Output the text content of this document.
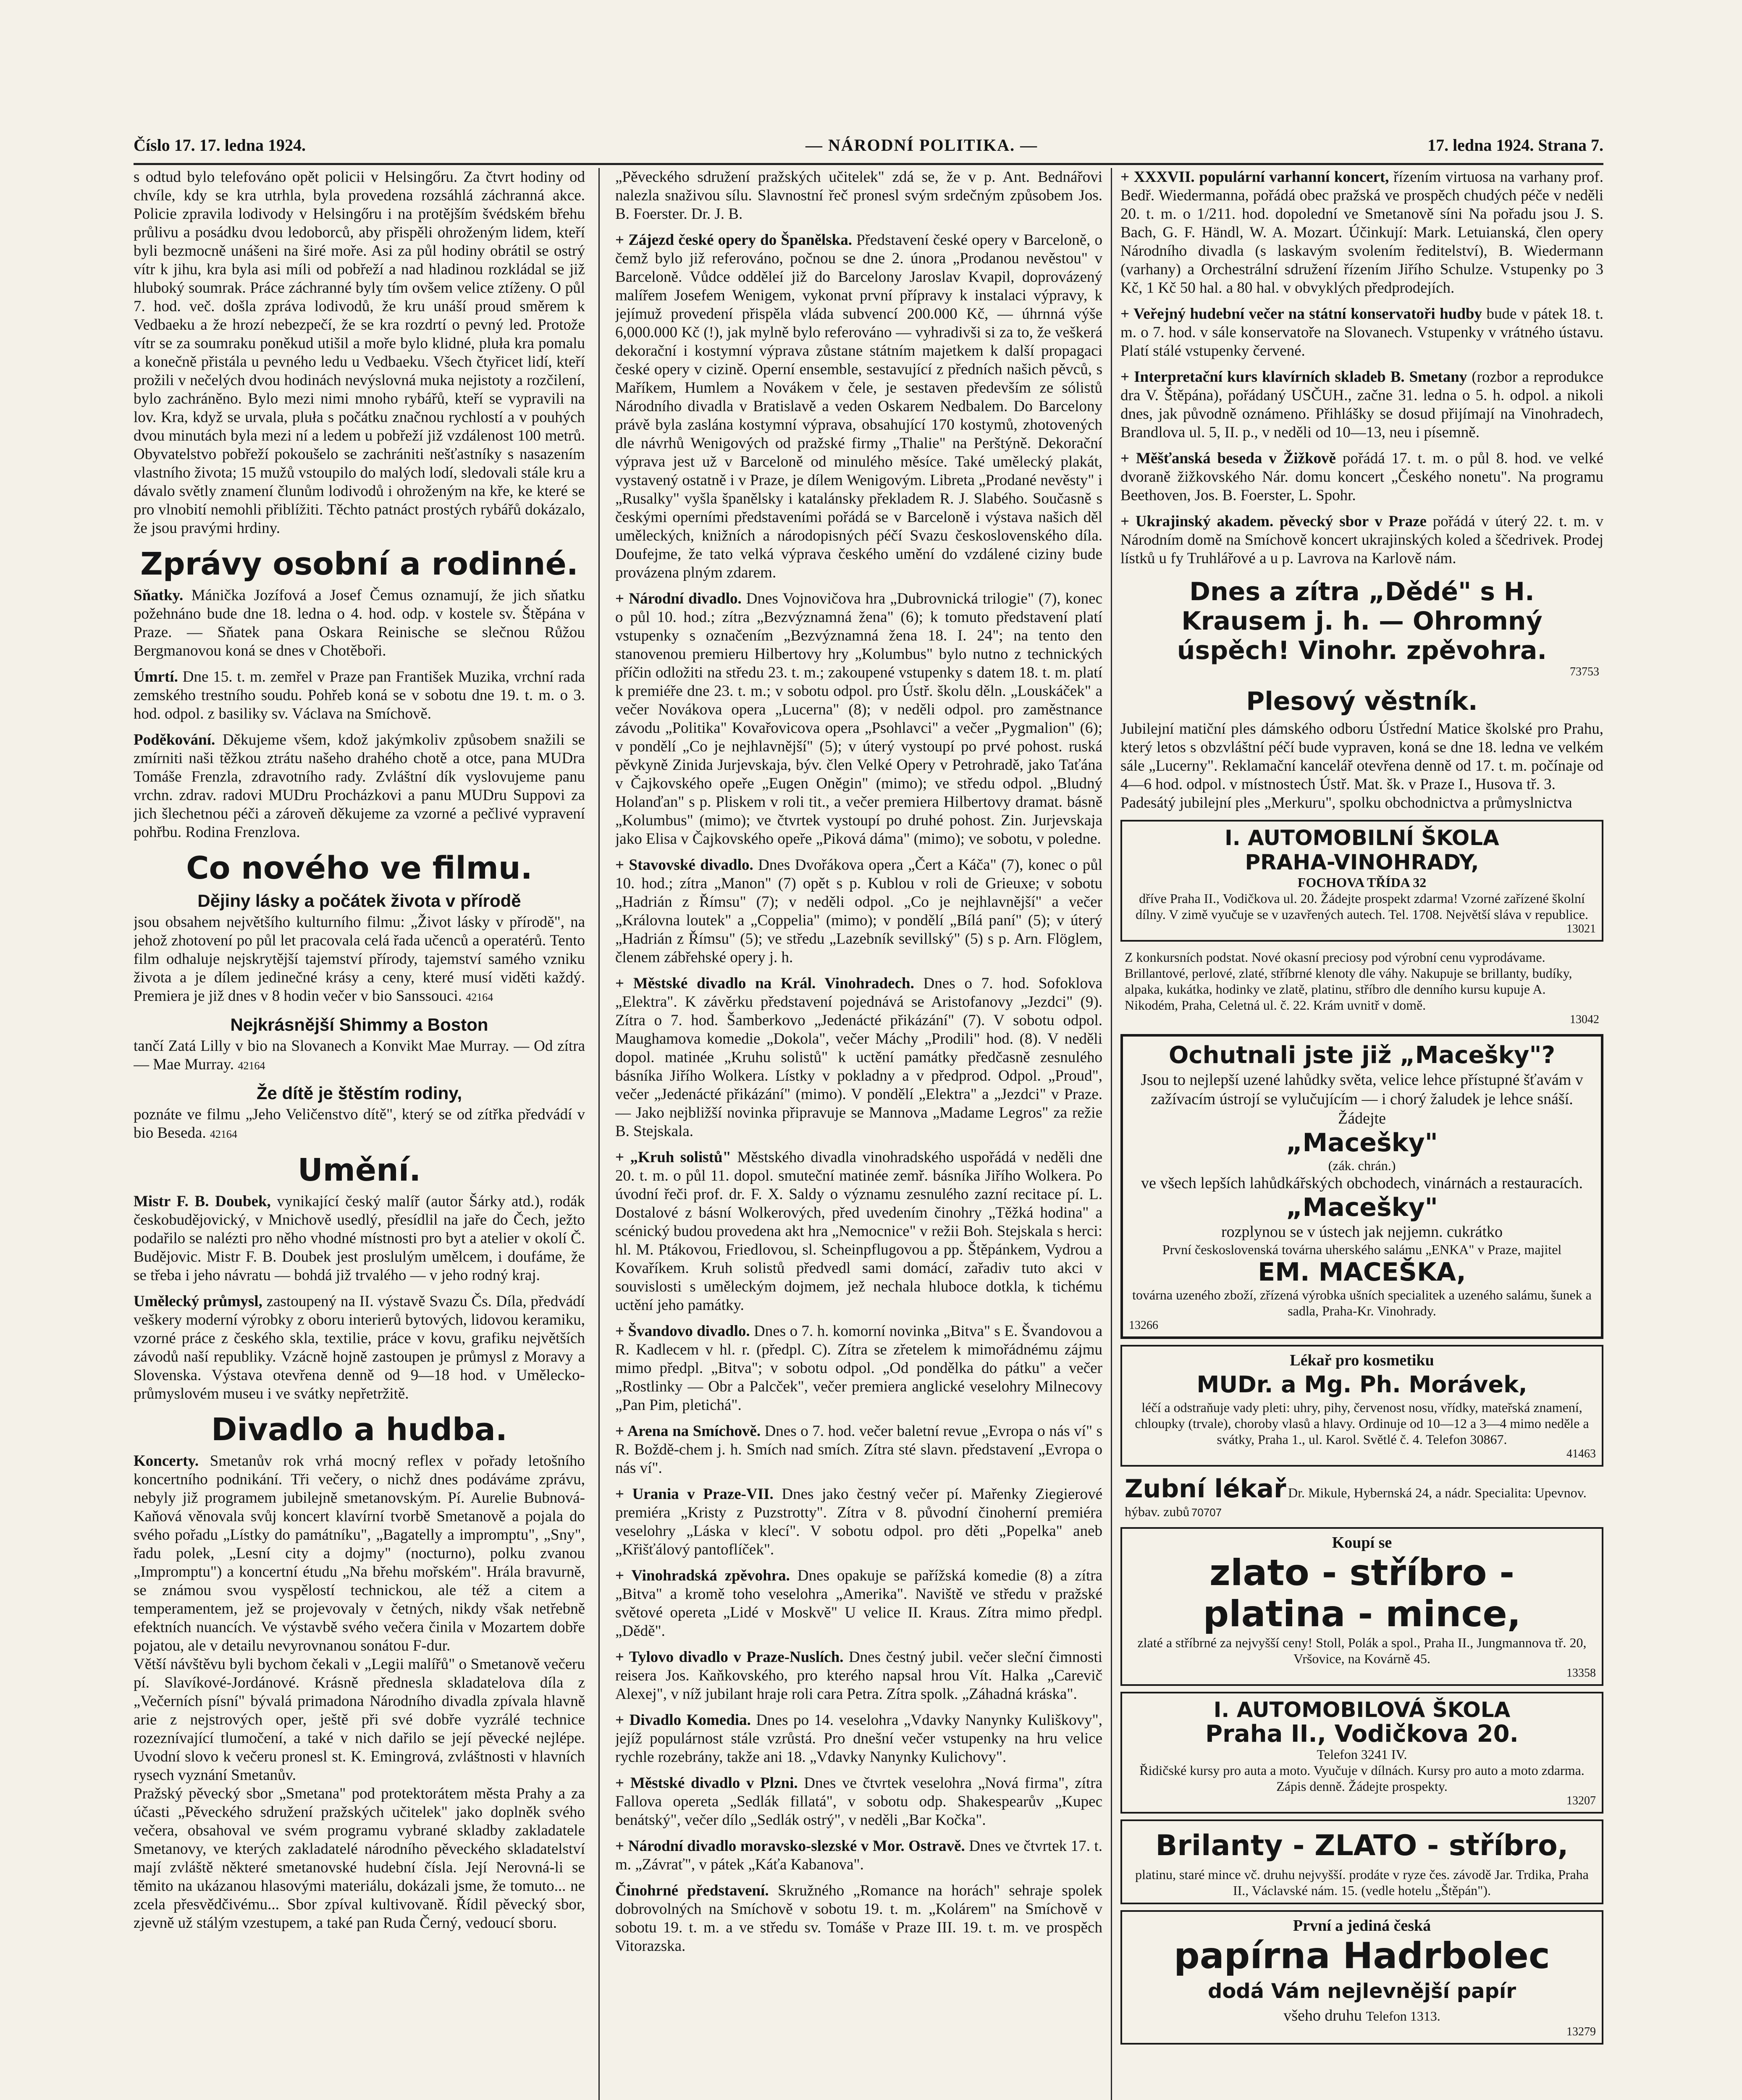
Číslo 17. 17. ledna 1924.	— NÁRODNÍ POLITIKA. —	17. ledna 1924. Strana 7.

s odtud bylo telefováno opět policii v Helsingőru. Za čtvrt hodiny od chvíle, kdy se kra utrhla, byla provedena rozsáhlá záchranná akce. Policie zpravila lodivody v Helsingőru i na protějším švédském břehu průlivu a posádku dvou ledoborců, aby přispěli ohroženým lidem, kteří byli bezmocně unášeni na širé moře. Asi za půl hodiny obrátil se ostrý vítr k jihu, kra byla asi míli od pobřeží a nad hladinou rozkládal se již hluboký soumrak. Práce záchranné byly tím ovšem velice ztíženy. O půl 7. hod. več. došla zpráva lodivodů, že kru unáší proud směrem k Vedbaeku a že hrozí nebezpečí, že se kra rozdrtí o pevný led. Protože vítr se za soumraku poněkud utišil a moře bylo klidné, pluła kra pomalu a konečně přistála u pevného ledu u Vedbaeku. Všech čtyřicet lidí, kteří prožili v nečelých dvou hodinách nevýslovná muka nejistoty a rozčilení, bylo zachráněno. Bylo mezi nimi mnoho rybářů, kteří se vypravili na lov. Kra, když se urvala, pluła s počátku značnou rychlostí a v pouhých dvou minutách byla mezi ní a ledem u pobřeží již vzdálenost 100 metrů. Obyvatelstvo pobřeží pokoušelo se zachrániti nešťastníky s nasazením vlastního života; 15 mužů vstoupilo do malých lodí, sledovali stále kru a dávalo světly znamení člunům lodivodů i ohroženým na kře, ke které se pro vlnobití nemohli přiblížiti. Těchto patnáct prostých rybářů dokázalo, že jsou pravými hrdiny.

Zprávy osobní a rodinné.

Sňatky. Mánička Jozífová a Josef Čemus oznamují, že jich sňatku požehnáno bude dne 18. ledna o 4. hod. odp. v kostele sv. Štěpána v Praze. — Sňatek pana Oskara Reinische se slečnou Růžou Bergmanovou koná se dnes v Chotěboři.

Úmrtí. Dne 15. t. m. zemřel v Praze pan František Muzika, vrchní rada zemského trestního soudu. Pohřeb koná se v sobotu dne 19. t. m. o 3. hod. odpol. z basiliky sv. Václava na Smíchově.

Poděkování. Děkujeme všem, kdož jakýmkoliv způsobem snažili se zmírniti naši těžkou ztrátu našeho drahého chotě a otce, pana MUDra Tomáše Frenzla, zdravotního rady. Zvláštní dík vyslovujeme panu vrchn. zdrav. radovi MUDru Procházkovi a panu MUDru Suppovi za jich šlechetnou péči a zároveň děkujeme za vzorné a pečlivé vypravení pohřbu. Rodina Frenzlova.

Co nového ve filmu.
Dějiny lásky a počátek života v přírodě

jsou obsahem největšího kulturního filmu: „Život lásky v přírodě", na jehož zhotovení po půl let pracovala celá řada učenců a operatérů. Tento film odhaluje nejskrytější tajemství přírody, tajemství samého vzniku života a je dílem jedinečné krásy a ceny, které musí viděti každý. Premiera je již dnes v 8 hodin večer v bio Sanssouci. 42164

Nejkrásnější Shimmy a Boston

tančí Zatá Lilly v bio na Slovanech a Konvikt Mae Murray. — Od zítra — Mae Murray. 42164

Že dítě je štěstím rodiny,

poznáte ve filmu „Jeho Veličenstvo dítě", který se od zítřka předvádí v bio Beseda. 42164

Umění.

Mistr F. B. Doubek, vynikající český malíř (autor Šárky atd.), rodák českobudějovický, v Mnichově usedlý, přesídlil na jaře do Čech, ježto podařilo se nalézti pro něho vhodné místnosti pro byt a atelier v okolí Č. Budějovic. Mistr F. B. Doubek jest proslulým umělcem, i doufáme, že se třeba i jeho návratu — bohdá již trvalého — v jeho rodný kraj.

Umělecký průmysl, zastoupený na II. výstavě Svazu Čs. Díla, předvádí veškery moderní výrobky z oboru interierů bytových, lidovou keramiku, vzorné práce z českého skla, textilie, práce v kovu, grafiku největších závodů naší republiky. Vzácně hojně zastoupen je průmysl z Moravy a Slovenska. Výstava otevřena denně od 9—18 hod. v Umělecko-průmyslovém museu i ve svátky nepřetržitě.

Divadlo a hudba.

Koncerty. Smetanův rok vrhá mocný reflex v pořady letošního koncertního podnikání. Tři večery, o nichž dnes podáváme zprávu, nebyly již programem jubilejně smetanovským. Pí. Aurelie Bubnová-Kaňová věnovala svůj koncert klavírní tvorbě Smetanově a pojala do svého pořadu „Lístky do památníku", „Bagatelly a impromptu", „Sny", řadu polek, „Lesní city a dojmy" (nocturno), polku zvanou „Impromptu") a koncertní étudu „Na břehu mořském". Hrála bravurně, se známou svou vyspělostí technickou, ale též a citem a temperamentem, jež se projevovaly v četných, nikdy však netřebně efektních nuancích. Ve výstavbě svého večera činila v Mozartem dobře pojatou, ale v detailu nevyrovnanou sonátou F-dur.

Větší návštěvu byli bychom čekali v „Legii malířů" o Smetanově večeru pí. Slavíkové-Jordánové. Krásně přednesla skladatelova díla z „Večerních písní" bývalá primadona Národního divadla zpívala hlavně arie z nejstrových oper, ještě při své dobře vyzrálé technice rozeznívající tlumočení, a také v nich dařilo se její pěvecké nejlépe. Uvodní slovo k večeru pronesl st. K. Emingrová, zvláštnosti v hlavních rysech vyznání Smetanův.

Pražský pěvecký sbor „Smetana" pod protektorátem města Prahy a za účasti „Pěveckého sdružení pražských učitelek" jako doplněk svého večera, obsahoval ve svém programu vybrané skladby zakladatele Smetanovy, ve kterých zakladatelé národního pěveckého skladatelství mají zvláště některé smetanovské hudební čísla. Její Nerovná-li se těmito na ukázanou hlasovými materiálu, dokázali jsme, že tomuto... ne zcela přesvědčivému... Sbor zpíval kultivovaně. Řídil pěvecký sbor, zjevně už stálým vzestupem, a také pan Ruda Černý, vedoucí sboru.

„Pěveckého sdružení pražských učitelek" zdá se, že v p. Ant. Bednářovi nalezla snaživou sílu. Slavnostní řeč pronesl svým srdečným způsobem Jos. B. Foerster. Dr. J. B.

+ Zájezd české opery do Španělska. Představení české opery v Barceloně, o čemž bylo již referováno, počnou se dne 2. února „Prodanou nevěstou" v Barceloně. Vůdce odděleí již do Barcelony Jaroslav Kvapil, doprovázený malířem Josefem Wenigem, vykonat první přípravy k instalaci výpravy, k jejímuž provedení přispěla vláda subvencí 200.000 Kč, — úhrnná výše 6,000.000 Kč (!), jak mylně bylo referováno — vyhradivši si za to, že veškerá dekorační i kostymní výprava zůstane státním majetkem k další propagaci české opery v cizině. Operní ensemble, sestavující z předních našich pěvců, s Maříkem, Humlem a Novákem v čele, je sestaven především ze sólistů Národního divadla v Bratislavě a veden Oskarem Nedbalem. Do Barcelony právě byla zaslána kostymní výprava, obsahující 170 kostymů, zhotovených dle návrhů Wenigových od pražské firmy „Thalie" na Perštýně. Dekorační výprava jest už v Barceloně od minulého měsíce. Také umělecký plakát, vystavený ostatně i v Praze, je dílem Wenigovým. Libreta „Prodané nevěsty" i „Rusalky" vyšla španělsky i katalánsky překladem R. J. Slabého. Současně s českými operními představeními pořádá se v Barceloně i výstava našich děl uměleckých, knižních a národopisných péčí Svazu československého díla. Doufejme, že tato velká výprava českého umění do vzdálené ciziny bude provázena plným zdarem.

+ Národní divadlo. Dnes Vojnovičova hra „Dubrovnická trilogie" (7), konec o půl 10. hod.; zítra „Bezvýznamná žena" (6); k tomuto představení platí vstupenky s označením „Bezvýznamná žena 18. I. 24"; na tento den stanovenou premieru Hilbertovy hry „Kolumbus" bylo nutno z technických příčin odložiti na středu 23. t. m.; zakoupené vstupenky s datem 18. t. m. platí k premiéře dne 23. t. m.; v sobotu odpol. pro Ústř. školu děln. „Louskáček" a večer Novákova opera „Lucerna" (8); v neděli odpol. pro zaměstnance závodu „Politika" Kovařovicova opera „Psohlavci" a večer „Pygmalion" (6); v pondělí „Co je nejhlavnější" (5); v úterý vystoupí po prvé pohost. ruská pěvkyně Zinida Jurjevskaja, býv. člen Velké Opery v Petrohradě, jako Taťána v Čajkovského opeře „Eugen Oněgin" (mimo); ve středu odpol. „Bludný Holanďan" s p. Pliskem v roli tit., a večer premiera Hilbertovy dramat. básně „Kolumbus" (mimo); ve čtvrtek vystoupí po druhé pohost. Zin. Jurjevskaja jako Elisa v Čajkovského opeře „Piková dáma" (mimo); ve sobotu, v poledne.

+ Stavovské divadlo. Dnes Dvořákova opera „Čert a Káča" (7), konec o půl 10. hod.; zítra „Manon" (7) opět s p. Kublou v roli de Grieuxe; v sobotu „Hadrián z Římsu" (7); v neděli odpol. „Co je nejhlavnější" a večer „Královna loutek" a „Coppelia" (mimo); v pondělí „Bílá paní" (5); v úterý „Hadrián z Římsu" (5); ve středu „Lazebník sevillský" (5) s p. Arn. Flöglem, členem zábřehské opery j. h.

+ Městské divadlo na Král. Vinohradech. Dnes o 7. hod. Sofoklova „Elektra". K závěrku představení pojednává se Aristofanovy „Jezdci" (9). Zítra o 7. hod. Šamberkovo „Jedenácté přikázání" (7). V sobotu odpol. Maughamova komedie „Dokola", večer Máchy „Prodili" hod. (8). V neděli dopol. matinée „Kruhu solistů" k uctění památky předčasně zesnulého básníka Jiřího Wolkera. Lístky v pokladny a v předprod. Odpol. „Proud", večer „Jedenácté přikázání" (mimo). V pondělí „Elektra" a „Jezdci" v Praze. — Jako nejbližší novinka připravuje se Mannova „Madame Legros" za režie B. Stejskala.

+ „Kruh solistů" Městského divadla vinohradského uspořádá v neděli dne 20. t. m. o půl 11. dopol. smuteční matinée zemř. básníka Jiřího Wolkera. Po úvodní řeči prof. dr. F. X. Saldy o významu zesnulého zazní recitace pí. L. Dostalové z básní Wolkerových, před uvedením činohry „Těžká hodina" a scénický budou provedena akt hra „Nemocnice" v režii Boh. Stejskala s herci: hl. M. Ptákovou, Friedlovou, sl. Scheinpflugovou a pp. Štěpánkem, Vydrou a Kovaříkem. Kruh solistů předvedl sami domácí, zařadiv tuto akci v souvislosti s uměleckým dojmem, jež nechala hluboce dotkla, k tichému uctění jeho památky.

+ Švandovo divadlo. Dnes o 7. h. komorní novinka „Bitva" s E. Švandovou a R. Kadlecem v hl. r. (předpl. C). Zítra se zřetelem k mimořádnému zájmu mimo předpl. „Bitva"; v sobotu odpol. „Od pondělka do pátku" a večer „Rostlinky — Obr a Palcček", večer premiera anglické veselohry Milnecovy „Pan Pim, pletichá".

+ Arena na Smíchově. Dnes o 7. hod. večer baletní revue „Evropa o nás ví" s R. Boždě-chem j. h. Smích nad smích. Zítra sté slavn. představení „Evropa o nás ví".

+ Urania v Praze-VII. Dnes jako čestný večer pí. Mařenky Ziegierové premiéra „Kristy z Puzstrotty". Zítra v 8. původní činoherní premiéra veselohry „Láska v klecí". V sobotu odpol. pro děti „Popelka" aneb „Křišťálový pantoflíček".

+ Vinohradská zpěvohra. Dnes opakuje se pařížská komedie (8) a zítra „Bitva" a kromě toho veselohra „Amerika". Naviště ve středu v pražské světové opereta „Lidé v Moskvě" U velice II. Kraus. Zítra mimo předpl. „Dědě".

+ Tylovo divadlo v Praze-Nuslích. Dnes čestný jubil. večer sleční čimnosti reisera Jos. Kaňkovského, pro kterého napsal hrou Vít. Halka „Carevič Alexej", v níž jubilant hraje roli cara Petra. Zítra spolk. „Záhadná kráska".

+ Divadlo Komedia. Dnes po 14. veselohra „Vdavky Nanynky Kuliškovy", jejíž populárnost stále vzrůstá. Pro dnešní večer vstupenky na hru velice rychle rozebrány, takže ani 18. „Vdavky Nanynky Kulichovy".

+ Městské divadlo v Plzni. Dnes ve čtvrtek veselohra „Nová firma", zítra Fallova opereta „Sedlák fillatá", v sobotu odp. Shakespearův „Kupec benátský", večer dílo „Sedlák ostrý", v neděli „Bar Kočka".

+ Národní divadlo moravsko-slezské v Mor. Ostravě. Dnes ve čtvrtek 17. t. m. „Závrať", v pátek „Káťa Kabanova".

Činohrné představení. Skružného „Romance na horách" sehraje spolek dobrovolných na Smíchově v sobotu 19. t. m. „Kolárem" na Smíchově v sobotu 19. t. m. a ve středu sv. Tomáše v Praze III. 19. t. m. ve prospěch Vitorazska.

+ XXXVII. populární varhanní koncert, řízením virtuosa na varhany prof. Bedř. Wiedermanna, pořádá obec pražská ve prospěch chudých péče v neděli 20. t. m. o 1/211. hod. dopolední ve Smetanově síni Na pořadu jsou J. S. Bach, G. F. Händl, W. A. Mozart. Účinkují: Mark. Letuianská, člen opery Národního divadla (s laskavým svolením ředitelství), B. Wiedermann (varhany) a Orchestrální sdružení řízením Jiřího Schulze. Vstupenky po 3 Kč, 1 Kč 50 hal. a 80 hal. v obvyklých předprodejích.

+ Veřejný hudební večer na státní konservatoři hudby bude v pátek 18. t. m. o 7. hod. v sále konservatoře na Slovanech. Vstupenky v vrátného ústavu. Platí stálé vstupenky červené.

+ Interpretační kurs klavírních skladeb B. Smetany (rozbor a reprodukce dra V. Štěpána), pořádaný USČUH., začne 31. ledna o 5. h. odpol. a nikoli dnes, jak původně oznámeno. Přihlášky se dosud přijímají na Vinohradech, Brandlova ul. 5, II. p., v neděli od 10—13, neu i písemně.

+ Měšťanská beseda v Žižkově pořádá 17. t. m. o půl 8. hod. ve velké dvoraně žižkovského Nár. domu koncert „Českého nonetu". Na programu Beethoven, Jos. B. Foerster, L. Spohr.

+ Ukrajinský akadem. pěvecký sbor v Praze pořádá v úterý 22. t. m. v Národním domě na Smíchově koncert ukrajinských koled a ščedrivek. Prodej lístků u fy Truhlářové a u p. Lavrova na Karlově nám.

Dnes a zítra „Dědé" s H.
Krausem j. h. — Ohromný
úspěch! Vinohr. zpěvohra.
73753
Plesový věstník.

Jubilejní matiční ples dámského odboru Ústřední Matice školské pro Prahu, který letos s obzvláštní péčí bude vypraven, koná se dne 18. ledna ve velkém sále „Lucerny". Reklamační kancelář otevřena denně od 17. t. m. počínaje od 4—6 hod. odpol. v místnostech Ústř. Mat. šk. v Praze I., Husova tř. 3.

Padesátý jubilejní ples „Merkuru", spolku obchodnictva a průmyslnictva

I. AUTOMOBILNÍ ŠKOLA
PRAHA-VINOHRADY,
FOCHOVA TŘÍDA 32
dříve Praha II., Vodičkova ul. 20. Žádejte prospekt zdarma! Vzorné zařízené školní dílny. V zimě vyučuje se v uzavřených autech. Tel. 1708. Největší sláva v republice.
13021
Z konkursních podstat. Nové okasní preciosy pod výrobní cenu vyprodávame. Brillantové, perlové, zlaté, stříbrné klenoty dle váhy. Nakupuje se brillanty, budíky, alpaka, kukátka, hodinky ve zlatě, platinu, stříbro dle denního kursu kupuje A. Nikodém, Praha, Celetná ul. č. 22. Krám uvnitř v domě.
13042
Ochutnali jste již „Macešky"?
Jsou to nejlepší uzené lahůdky světa, velice lehce přístupné šťavám v zažívacím ústrojí se vylučujícím — i chorý žaludek je lehce snáší. Žádejte
„Macešky"
(zák. chrán.)
ve všech lepších lahůdkářských obchodech, vinárnách a restauracích.
„Macešky"
rozplynou se v ústech jak nejjemn. cukrátko
První československá továrna uherského salámu „ENKA" v Praze, majitel
EM. MACEŠKA,
továrna uzeného zboží, zřízená výrobka ušních specialitek a uzeného salámu, šunek a sadla, Praha-Kr. Vinohrady.
13266
Lékař pro kosmetiku
MUDr. a Mg. Ph. Morávek,
léčí a odstraňuje vady pleti: uhry, pihy, červenost nosu, vřídky, mateřská znamení, chloupky (trvale), choroby vlasů a hlavy. Ordinuje od 10—12 a 3—4 mimo neděle a svátky, Praha 1., ul. Karol. Světlé č. 4. Telefon 30867.
41463
Zubní lékař Dr. Mikule, Hybernská 24, a nádr. Specialita: Upevnov. hýbav. zubů 70707
Koupí se
zlato - stříbro -
platina - mince,
zlaté a stříbrné za nejvyšší ceny! Stoll, Polák a spol., Praha II., Jungmannova tř. 20, Vršovice, na Kovárně 45.
13358
I. AUTOMOBILOVÁ ŠKOLA
Praha II., Vodičkova 20.
Telefon 3241 IV.
Řidičské kursy pro auta a moto. Vyučuje v dílnách. Kursy pro auto a moto zdarma. Zápis denně. Žádejte prospekty.
13207
Brilanty - ZLATO - stříbro,
platinu, staré mince vč. druhu nejvyšší. prodáte v ryze čes. závodě Jar. Trdika, Praha II., Václavské nám. 15. (vedle hotelu „Štěpán").
První a jediná česká
papírna Hadrbolec
dodá Vám nejlevnější papír
všeho druhu Telefon 1313.
13279
